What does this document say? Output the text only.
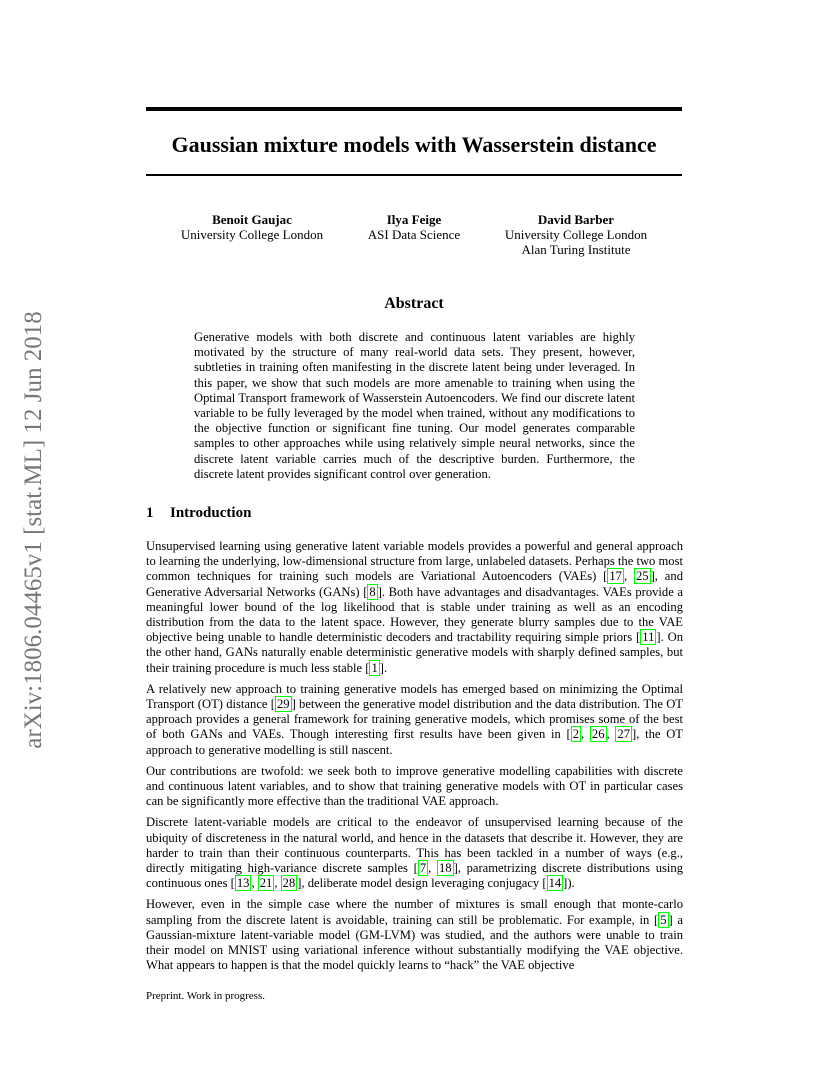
arXiv:1806.04465v1 [stat.ML] 12 Jun 2018
Gaussian mixture models with Wasserstein distance
Benoit Gaujac
University College London
Ilya Feige
ASI Data Science
David Barber
University College London
Alan Turing Institute
Abstract
Generative models with both discrete and continuous latent variables are highly motivated by the structure of many real-world data sets. They present, however, subtleties in training often manifesting in the discrete latent being under leveraged. In this paper, we show that such models are more amenable to training when using the Optimal Transport framework of Wasserstein Autoencoders. We find our discrete latent variable to be fully leveraged by the model when trained, without any modifications to the objective function or significant fine tuning. Our model generates comparable samples to other approaches while using relatively simple neural networks, since the discrete latent variable carries much of the descriptive burden. Furthermore, the discrete latent provides significant control over generation.
1 Introduction

Unsupervised learning using generative latent variable models provides a powerful and general approach to learning the underlying, low-dimensional structure from large, unlabeled datasets. Perhaps the two most common techniques for training such models are Variational Autoencoders (VAEs) [ 17 , 25 ], and Generative Adversarial Networks (GANs) [ 8 ]. Both have advantages and disadvantages. VAEs provide a meaningful lower bound of the log likelihood that is stable under training as well as an encoding distribution from the data to the latent space. However, they generate blurry samples due to the VAE objective being unable to handle deterministic decoders and tractability requiring simple priors [ 11 ]. On the other hand, GANs naturally enable deterministic generative models with sharply defined samples, but their training procedure is much less stable [ 1 ].

A relatively new approach to training generative models has emerged based on minimizing the Optimal Transport (OT) distance [ 29 ] between the generative model distribution and the data distribution. The OT approach provides a general framework for training generative models, which promises some of the best of both GANs and VAEs. Though interesting first results have been given in [ 2 , 26 , 27 ], the OT approach to generative modelling is still nascent.

Our contributions are twofold: we seek both to improve generative modelling capabilities with discrete and continuous latent variables, and to show that training generative models with OT in particular cases can be significantly more effective than the traditional VAE approach.

Discrete latent-variable models are critical to the endeavor of unsupervised learning because of the ubiquity of discreteness in the natural world, and hence in the datasets that describe it. However, they are harder to train than their continuous counterparts. This has been tackled in a number of ways (e.g., directly mitigating high-variance discrete samples [ 7 , 18 ], parametrizing discrete distributions using continuous ones [ 13 , 21 , 28 ], deliberate model design leveraging conjugacy [ 14 ]).

However, even in the simple case where the number of mixtures is small enough that monte-carlo sampling from the discrete latent is avoidable, training can still be problematic. For example, in [ 5 ] a Gaussian-mixture latent-variable model (GM-LVM) was studied, and the authors were unable to train their model on MNIST using variational inference without substantially modifying the VAE objective. What appears to happen is that the model quickly learns to “hack” the VAE objective

Preprint. Work in progress.
